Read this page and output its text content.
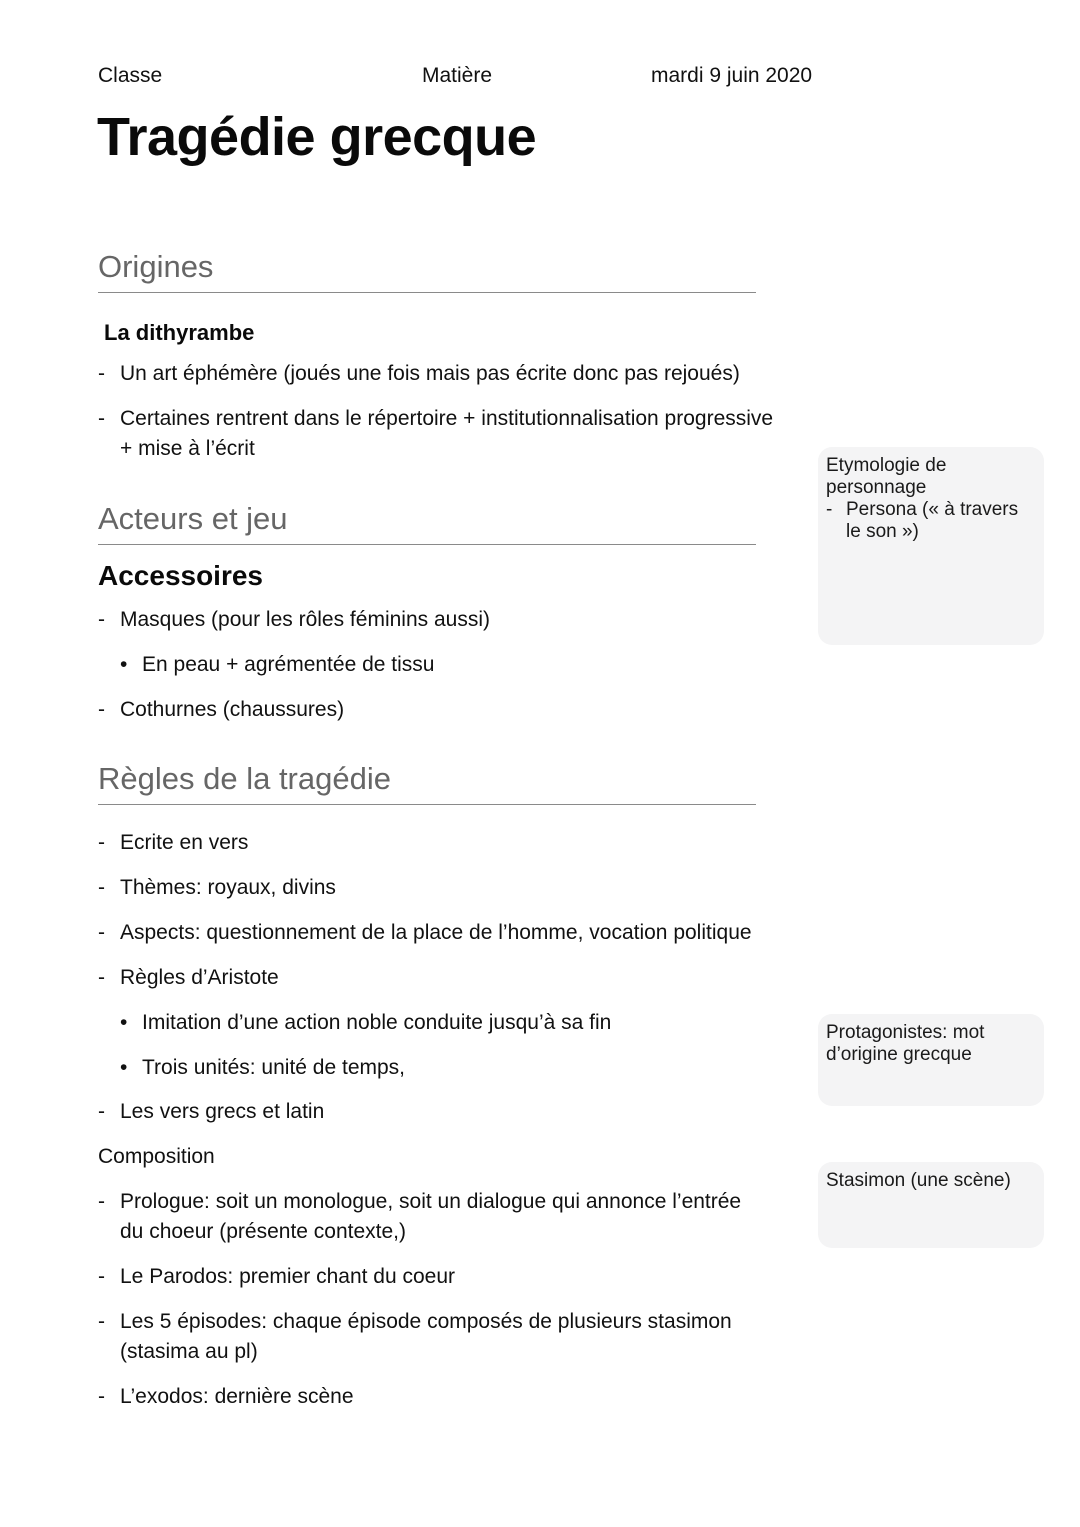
Classe	Matière	mardi 9 juin 2020
Tragédie grecque
Origines
La dithyrambe
- Un art éphémère (joués une fois mais pas écrite donc pas rejoués)
- Certaines rentrent dans le répertoire + institutionnalisation progressive
+ mise à l’écrit
Acteurs et jeu
Accessoires
- Masques (pour les rôles féminins aussi)
• En peau + agrémentée de tissu
- Cothurnes (chaussures)
Règles de la tragédie
- Ecrite en vers
- Thèmes: royaux, divins
- Aspects: questionnement de la place de l’homme, vocation politique
- Règles d’Aristote
• Imitation d’une action noble conduite jusqu’à sa fin
• Trois unités: unité de temps,
- Les vers grecs et latin
Composition
- Prologue: soit un monologue, soit un dialogue qui annonce l’entrée
du choeur (présente contexte,)
- Le Parodos: premier chant du coeur
- Les 5 épisodes: chaque épisode composés de plusieurs stasimon
(stasima au pl)
- L’exodos: dernière scène
Etymologie de
personnage
- Persona (« à travers
le son »)
Protagonistes: mot
d’origine grecque
Stasimon (une scène)
